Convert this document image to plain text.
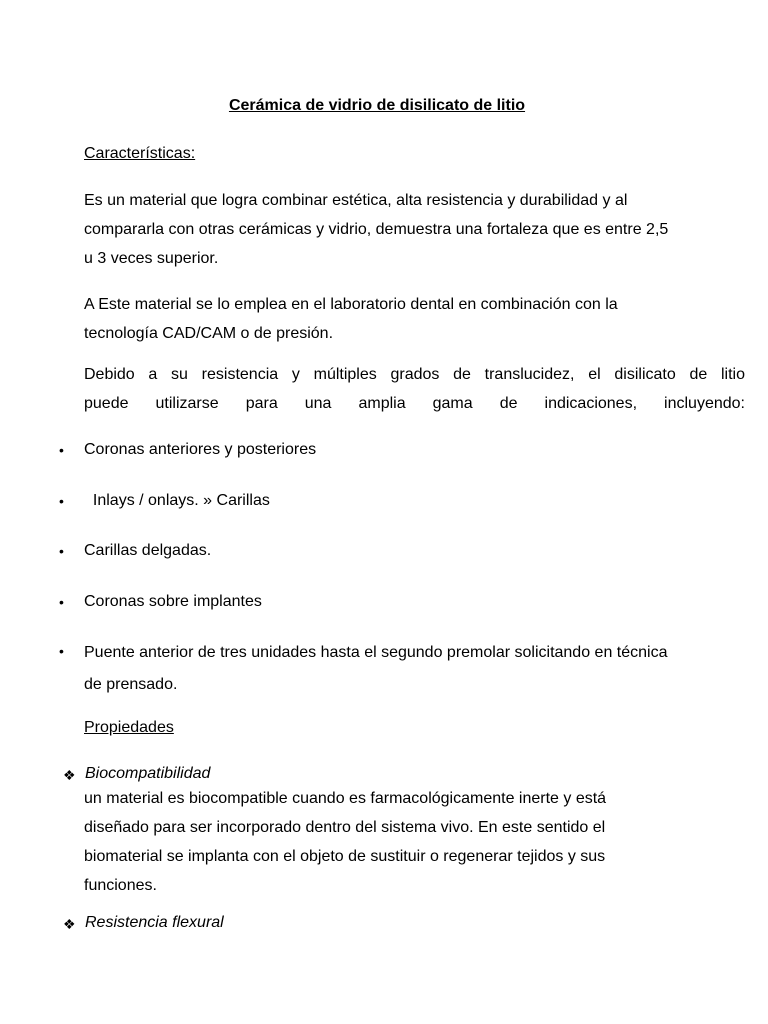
Cerámica de vidrio de disilicato de litio
Características:
Es un material que logra combinar estética, alta resistencia y durabilidad y al
compararla con otras cerámicas y vidrio, demuestra una fortaleza que es entre 2,5
u 3 veces superior.
A Este material se lo emplea en el laboratorio dental en combinación con la
tecnología CAD/CAM o de presión.
Debido a su resistencia y múltiples grados de translucidez, el disilicato de litio
puede utilizarse para una amplia gama de indicaciones, incluyendo:
• Coronas anteriores y posteriores
• Inlays / onlays. » Carillas
• Carillas delgadas.
• Coronas sobre implantes
• Puente anterior de tres unidades hasta el segundo premolar solicitando en técnica
de prensado.
Propiedades
❖ Biocompatibilidad
un material es biocompatible cuando es farmacológicamente inerte y está
diseñado para ser incorporado dentro del sistema vivo. En este sentido el
biomaterial se implanta con el objeto de sustituir o regenerar tejidos y sus
funciones.
❖ Resistencia flexural
